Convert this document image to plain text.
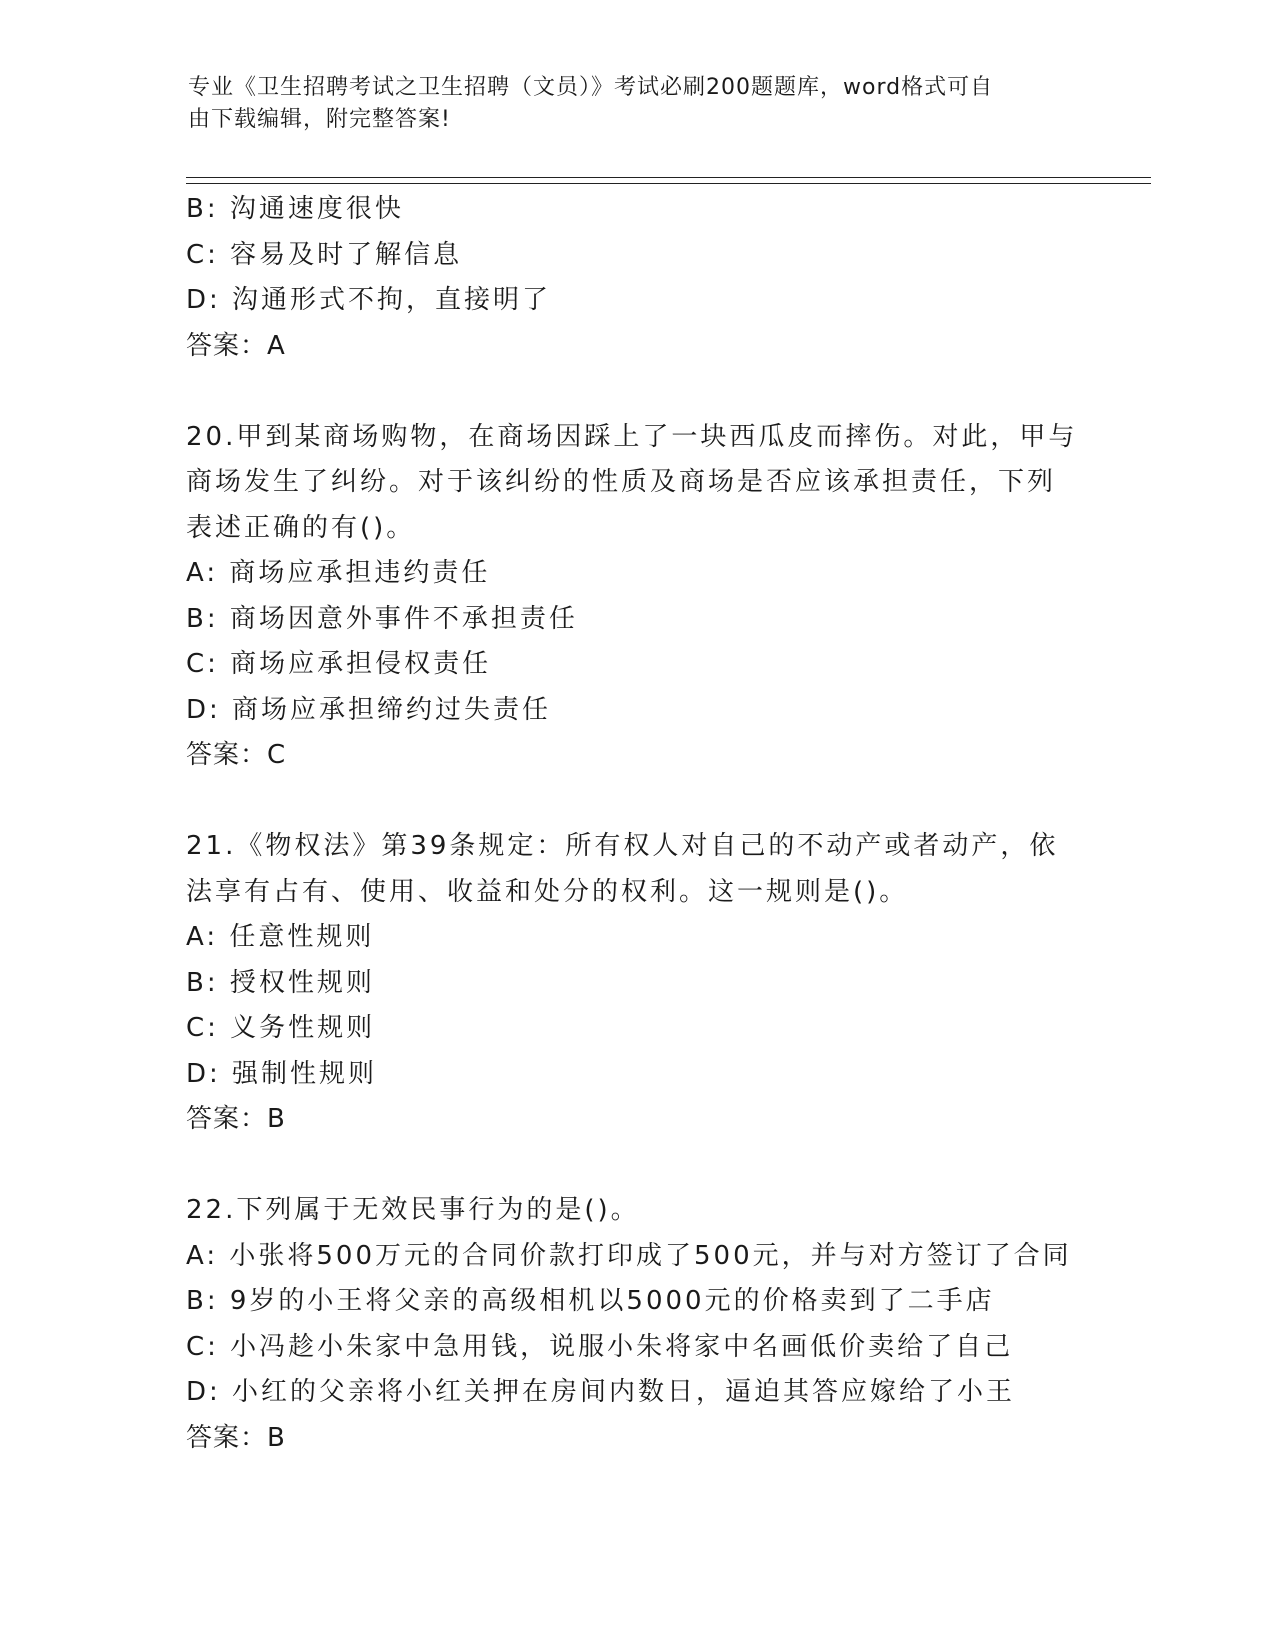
专业《卫生招聘考试之卫生招聘（文员）》考试必刷200题题库，word格式可自
由下载编辑，附完整答案!
B: 沟通速度很快
C: 容易及时了解信息
D: 沟通形式不拘，直接明了
答案：A
20.甲到某商场购物，在商场因踩上了一块西瓜皮而摔伤。对此，甲与
商场发生了纠纷。对于该纠纷的性质及商场是否应该承担责任，下列
表述正确的有()。
A: 商场应承担违约责任
B: 商场因意外事件不承担责任
C: 商场应承担侵权责任
D: 商场应承担缔约过失责任
答案：C
21.《物权法》第39条规定：所有权人对自己的不动产或者动产，依
法享有占有、使用、收益和处分的权利。这一规则是()。
A: 任意性规则
B: 授权性规则
C: 义务性规则
D: 强制性规则
答案：B
22.下列属于无效民事行为的是()。
A: 小张将500万元的合同价款打印成了500元，并与对方签订了合同
B: 9岁的小王将父亲的高级相机以5000元的价格卖到了二手店
C: 小冯趁小朱家中急用钱，说服小朱将家中名画低价卖给了自己
D: 小红的父亲将小红关押在房间内数日，逼迫其答应嫁给了小王
答案：B
